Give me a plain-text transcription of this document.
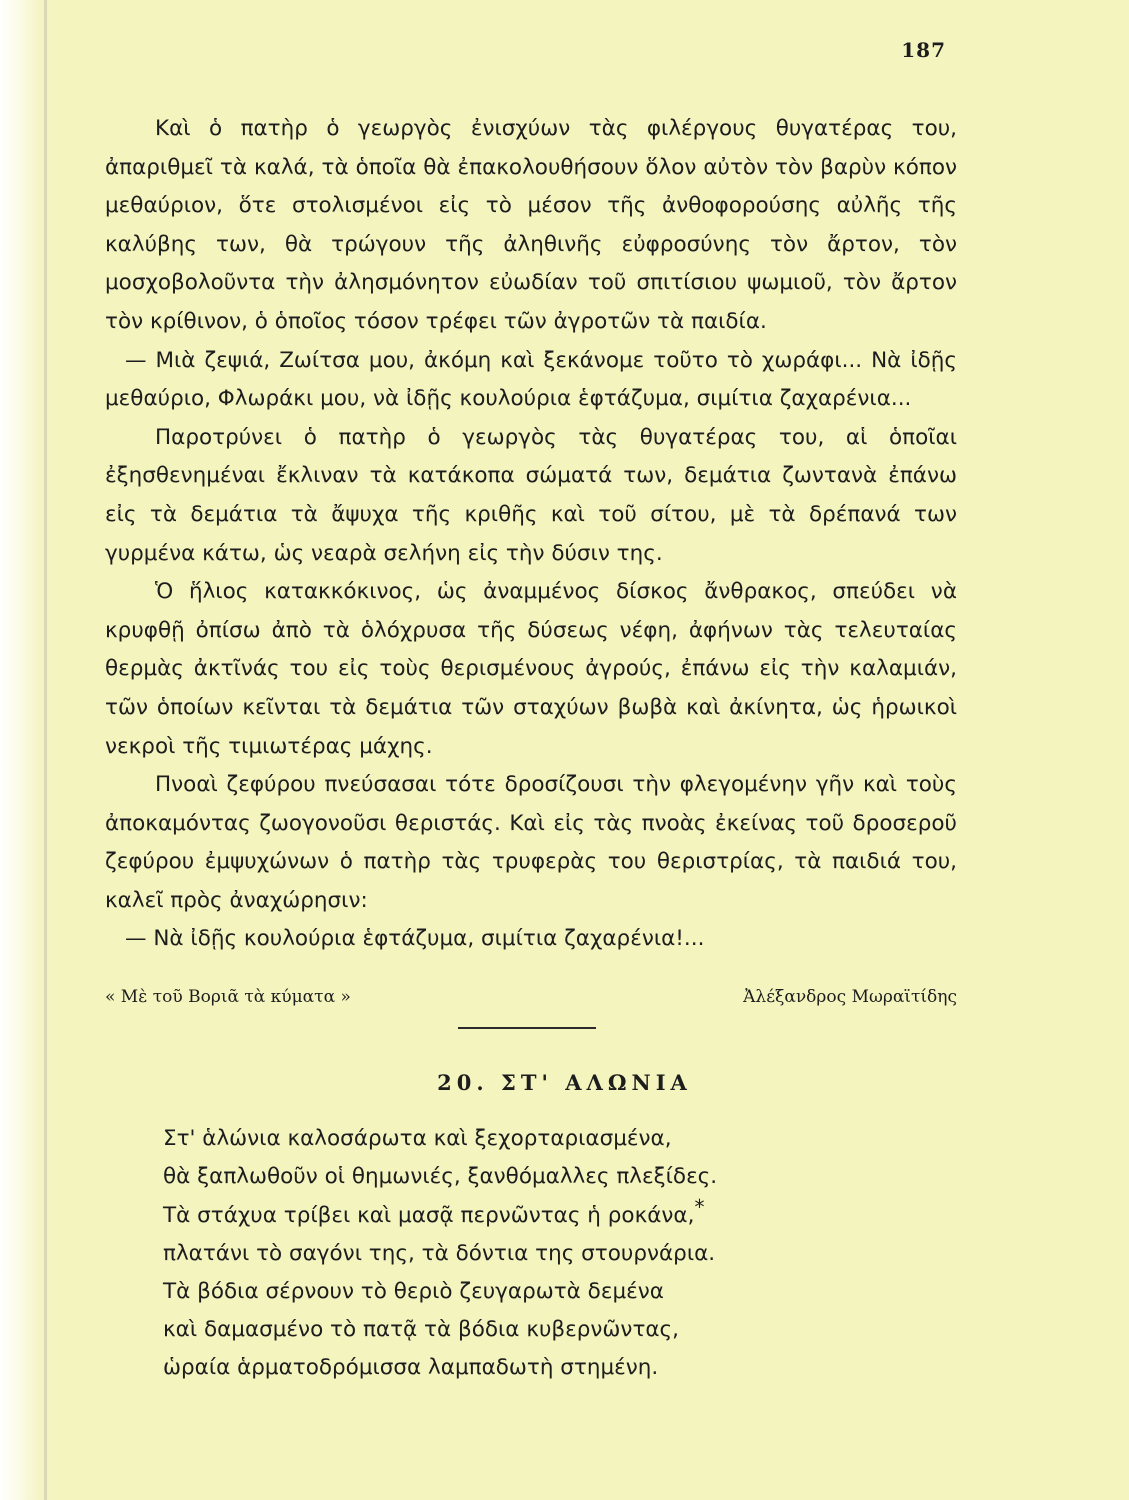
187

Καὶ ὁ πατὴρ ὁ γεωργὸς ἐνισχύων τὰς φιλέργους θυγατέρας του, ἀπαριθμεῖ τὰ καλά, τὰ ὁποῖα θὰ ἐπακολουθήσουν ὅλον αὐτὸν τὸν βαρὺν κόπον μεθαύριον, ὅτε στολισμένοι εἰς τὸ μέσον τῆς ἀνθοφορούσης αὐλῆς τῆς καλύβης των, θὰ τρώγουν τῆς ἀληθινῆς εὐφροσύνης τὸν ἄρτον, τὸν μοσχοβολοῦντα τὴν ἀλησμόνητον εὐωδίαν τοῦ σπιτίσιου ψωμιοῦ, τὸν ἄρτον τὸν κρίθινον, ὁ ὁποῖος τόσον τρέφει τῶν ἀγροτῶν τὰ παιδία.

— Μιὰ ζεψιά, Ζωίτσα μου, ἀκόμη καὶ ξεκάνομε τοῦτο τὸ χωράφι... Νὰ ἰδῇς μεθαύριο, Φλωράκι μου, νὰ ἰδῇς κουλούρια ἑφτάζυμα, σιμίτια ζαχαρένια...

Παροτρύνει ὁ πατὴρ ὁ γεωργὸς τὰς θυγατέρας του, αἱ ὁποῖαι ἐξησθενημέναι ἔκλιναν τὰ κατάκοπα σώματά των, δεμάτια ζωντανὰ ἐπάνω εἰς τὰ δεμάτια τὰ ἄψυχα τῆς κριθῆς καὶ τοῦ σίτου, μὲ τὰ δρέπανά των γυρμένα κάτω, ὡς νεαρὰ σελήνη εἰς τὴν δύσιν της.

Ὁ ἥλιος κατακκόκινος, ὡς ἀναμμένος δίσκος ἄνθρακος, σπεύδει νὰ κρυφθῇ ὀπίσω ἀπὸ τὰ ὁλόχρυσα τῆς δύσεως νέφη, ἀφήνων τὰς τελευταίας θερμὰς ἀκτῖνάς του εἰς τοὺς θερισμένους ἀγρούς, ἐπάνω εἰς τὴν καλαμιάν, τῶν ὁποίων κεῖνται τὰ δεμάτια τῶν σταχύων βωβὰ καὶ ἀκίνητα, ὡς ἡρωικοὶ νεκροὶ τῆς τιμιωτέρας μάχης.

Πνοαὶ ζεφύρου πνεύσασαι τότε δροσίζουσι τὴν φλεγομένην γῆν καὶ τοὺς ἀποκαμόντας ζωογονοῦσι θεριστάς. Καὶ εἰς τὰς πνοὰς ἐκείνας τοῦ δροσεροῦ ζεφύρου ἐμψυχώνων ὁ πατὴρ τὰς τρυφερὰς του θεριστρίας, τὰ παιδιά του, καλεῖ πρὸς ἀναχώρησιν:

— Νὰ ἰδῇς κουλούρια ἑφτάζυμα, σιμίτια ζαχαρένια!...

« Μὲ τοῦ Βοριᾶ τὰ κύματα »	Ἀλέξανδρος Μωραϊτίδης
20. ΣΤ' ΑΛΩΝΙΑ
Στ' ἁλώνια καλοσάρωτα καὶ ξεχορταριασμένα,
θὰ ξαπλωθοῦν οἱ θημωνιές, ξανθόμαλλες πλεξίδες.
Τὰ στάχυα τρίβει καὶ μασᾷ περνῶντας ἡ ροκάνα,*
πλατάνι τὸ σαγόνι της, τὰ δόντια της στουρνάρια.
Τὰ βόδια σέρνουν τὸ θεριὸ ζευγαρωτὰ δεμένα
καὶ δαμασμένο τὸ πατᾷ τὰ βόδια κυβερνῶντας,
ὡραία ἁρματοδρόμισσα λαμπαδωτὴ στημένη.
